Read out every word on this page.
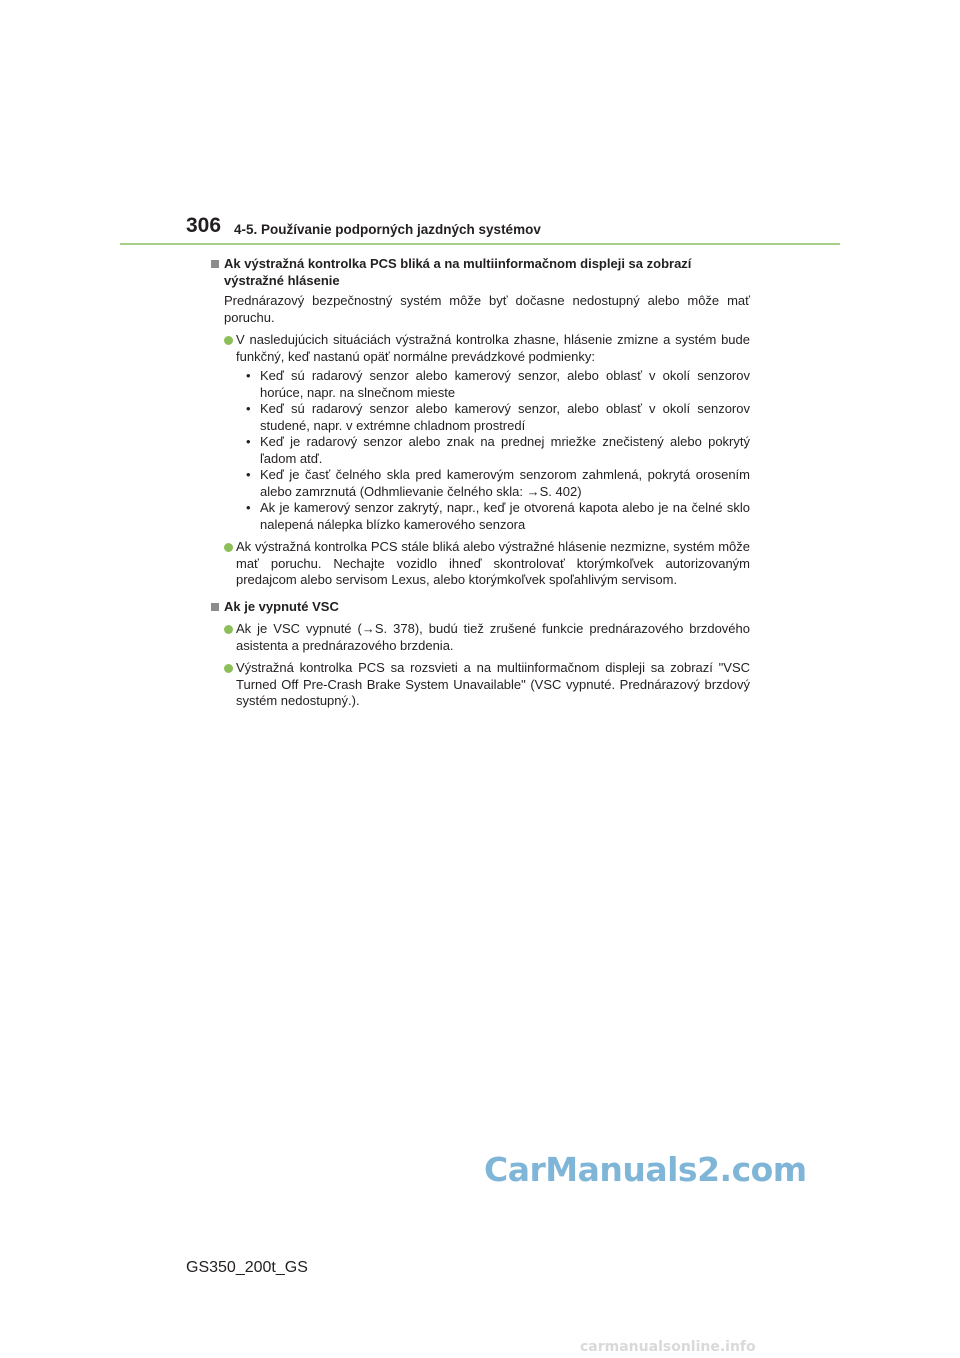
306 4-5. Používanie podporných jazdných systémov
Ak výstražná kontrolka PCS bliká a na multiinformačnom displeji sa zobrazí výstražné hlásenie
Prednárazový bezpečnostný systém môže byť dočasne nedostupný alebo môže mať poruchu.
V nasledujúcich situáciách výstražná kontrolka zhasne, hlásenie zmizne a systém bude funkčný, keď nastanú opäť normálne prevádzkové podmienky:
• Keď sú radarový senzor alebo kamerový senzor, alebo oblasť v okolí senzorov horúce, napr. na slnečnom mieste
• Keď sú radarový senzor alebo kamerový senzor, alebo oblasť v okolí senzorov studené, napr. v extrémne chladnom prostredí
• Keď je radarový senzor alebo znak na prednej mriežke znečistený alebo pokrytý ľadom atď.
• Keď je časť čelného skla pred kamerovým senzorom zahmlená, pokrytá orosením alebo zamrznutá (Odhmlievanie čelného skla: →S. 402)
• Ak je kamerový senzor zakrytý, napr., keď je otvorená kapota alebo je na čelné sklo nalepená nálepka blízko kamerového senzora
Ak výstražná kontrolka PCS stále bliká alebo výstražné hlásenie nezmizne, systém môže mať poruchu. Nechajte vozidlo ihneď skontrolovať ktorýmkoľvek autorizovaným predajcom alebo servisom Lexus, alebo ktorýmkoľvek spoľahlivým servisom.
Ak je vypnuté VSC
Ak je VSC vypnuté (→S. 378), budú tiež zrušené funkcie prednárazového brzdového asistenta a prednárazového brzdenia.
Výstražná kontrolka PCS sa rozsvieti a na multiinformačnom displeji sa zobrazí "VSC Turned Off Pre-Crash Brake System Unavailable" (VSC vypnuté. Prednárazový brzdový systém nedostupný.).
GS350_200t_GS
CarManuals2.com
carmanualsonline.info
